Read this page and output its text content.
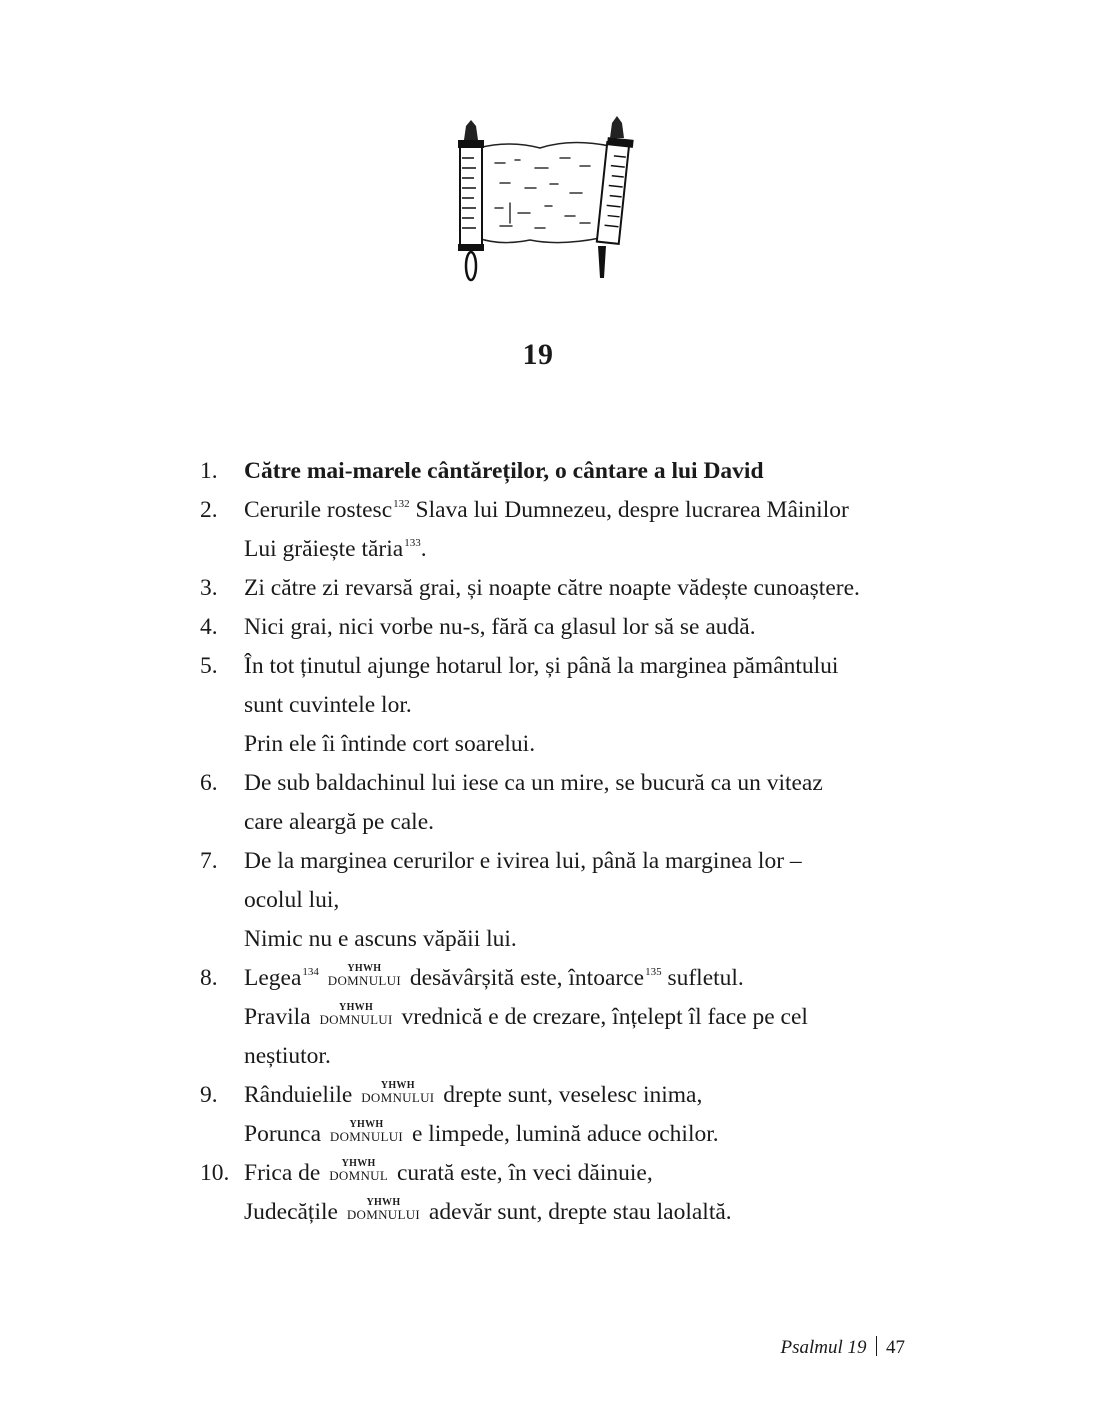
19
1.	Către mai-marele cântăreților, o cântare a lui David
2.	Cerurile rostesc$^{132}$ Slava lui Dumnezeu, despre lucrarea Mâinilor
Lui grăiește tăria$^{133}$.
3.	Zi către zi revarsă grai, și noapte către noapte vădește cunoaștere.
4.	Nici grai, nici vorbe nu-s, fără ca glasul lor să se audă.
5.	În tot ținutul ajunge hotarul lor, și până la marginea pământului
sunt cuvintele lor.
Prin ele îi întinde cort soarelui.
6.	De sub baldachinul lui iese ca un mire, se bucură ca un viteaz
care aleargă pe cale.
7.	De la marginea cerurilor e ivirea lui, până la marginea lor –
ocolul lui,
Nimic nu e ascuns văpăii lui.
8.	Legea$^{134}$	YHWH
DOMNULUI desăvârșită este, întoarce$^{135}$ sufletul.
Pravila	YHWH
DOMNULUI vrednică e de crezare, înțelept îl face pe cel
neștiutor.
9.	Rânduielile	YHWH
DOMNULUI drepte sunt, veselesc inima,
Porunca	YHWH
DOMNULUI e limpede, lumină aduce ochilor.
10. Frica de	YHWH
DOMNUL curată este, în veci dăinuie,
Judecățile	YHWH
DOMNULUI adevăr sunt, drepte stau laolaltă.
Psalmul 19 47
